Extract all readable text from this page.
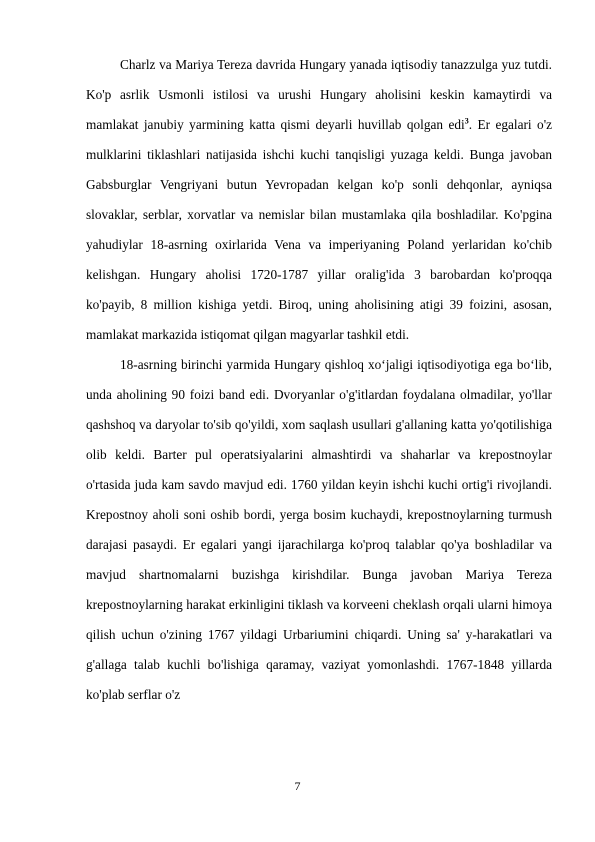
Charlz va Mariya Tereza davrida Hungary yanada iqtisodiy tanazzulga yuz tutdi. Ko'p asrlik Usmonli istilosi va urushi Hungary aholisini keskin kamaytirdi va mamlakat janubiy yarmining katta qismi deyarli huvillab qolgan edi$^3$. Er egalari o'z mulklarini tiklashlari natijasida ishchi kuchi tanqisligi yuzaga keldi. Bunga javoban Gabsburglar Vengriyani butun Yevropadan kelgan ko'p sonli dehqonlar, ayniqsa slovaklar, serblar, xorvatlar va nemislar bilan mustamlaka qila boshladilar. Ko'pgina yahudiylar 18-asrning oxirlarida Vena va imperiyaning Poland yerlaridan ko'chib kelishgan. Hungary aholisi 1720-1787 yillar oralig'ida 3 barobardan ko'proqqa ko'payib, 8 million kishiga yetdi. Biroq, uning aholisining atigi 39 foizini, asosan, mamlakat markazida istiqomat qilgan magyarlar tashkil etdi.

18-asrning birinchi yarmida Hungary qishloq xo‘jaligi iqtisodiyotiga ega bo‘lib, unda aholining 90 foizi band edi. Dvoryanlar o'g'itlardan foydalana olmadilar, yo'llar qashshoq va daryolar to'sib qo'yildi, xom saqlash usullari g'allaning katta yo'qotilishiga olib keldi. Barter pul operatsiyalarini almashtirdi va shaharlar va krepostnoylar o'rtasida juda kam savdo mavjud edi. 1760 yildan keyin ishchi kuchi ortig'i rivojlandi. Krepostnoy aholi soni oshib bordi, yerga bosim kuchaydi, krepostnoylarning turmush darajasi pasaydi. Er egalari yangi ijarachilarga ko'proq talablar qo'ya boshladilar va mavjud shartnomalarni buzishga kirishdilar. Bunga javoban Mariya Tereza krepostnoylarning harakat erkinligini tiklash va korveeni cheklash orqali ularni himoya qilish uchun o'zining 1767 yildagi Urbariumini chiqardi. Uning sa' y-harakatlari va g'allaga talab kuchli bo'lishiga qaramay, vaziyat yomonlashdi. 1767-1848 yillarda ko'plab serflar o'z

7
